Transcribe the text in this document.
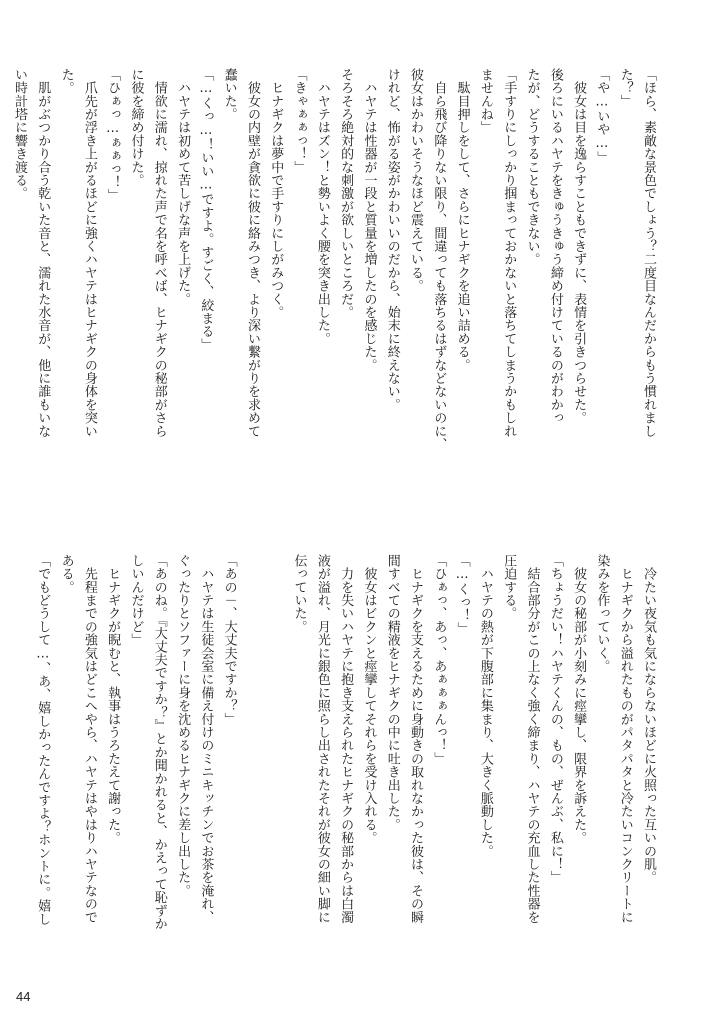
「ほら、素敵な景色でしょう？二度目なんだからもう慣れまし

た？」

「や…いや…」

　彼女は目を逸らすこともできずに、表情を引きつらせた。

後ろにいるハヤテをきゅうきゅう締め付けているのがわかっ

たが、どうすることもできない。

「手すりにしっかり掴まっておかないと落ちてしまうかもしれ

ませんね」

　駄目押しをして、さらにヒナギクを追い詰める。

　自ら飛び降りない限り、間違っても落ちるはずなどないのに、

彼女はかわいそうなほど震えている。

けれど、怖がる姿がかわいいのだから、始末に終えない。

　ハヤテは性器が一段と質量を増したのを感じた。

そろそろ絶対的な刺激が欲しいところだ。

　ハヤテはズン！と勢いよく腰を突き出した。

「きゃぁぁっ！」

　ヒナギクは夢中で手すりにしがみつく。

　彼女の内壁が貪欲に彼に絡みつき、より深い繋がりを求めて

蠢いた。

「…くっ…！いい…ですよ。すごく、絞まる」

　ハヤテは初めて苦しげな声を上げた。

　情欲に濡れ、掠れた声で名を呼べば、ヒナギクの秘部がさら

に彼を締め付けた。

「ひぁっ…ぁぁっ！」

　爪先が浮き上がるほどに強くハヤテはヒナギクの身体を突い

た。

　肌がぶつかり合う乾いた音と、濡れた水音が、他に誰もいな

い時計塔に響き渡る。

　冷たい夜気も気にならないほどに火照った互いの肌。

　ヒナギクから溢れたものがパタパタと冷たいコンクリートに

染みを作っていく。

　彼女の秘部が小刻みに痙攣し、限界を訴えた。

「ちょうだい！ハヤテくんの、もの、ぜんぶ、私に！」

　結合部分がこの上なく強く締まり、ハヤテの充血した性器を

圧迫する。

　ハヤテの熱が下腹部に集まり、大きく脈動した。

「…くっ！」

「ひぁっ、あっ、あぁぁぁんっ！」

　ヒナギクを支えるために身動きの取れなかった彼は、その瞬

間すべての精液をヒナギクの中に吐き出した。

　彼女はビクンと痙攣してそれらを受け入れる。

　力を失いハヤテに抱き支えられたヒナギクの秘部からは白濁

液が溢れ、月光に銀色に照らし出されたそれが彼女の細い脚に

伝っていた。

「あの－、大丈夫ですか？」

　ハヤテは生徒会室に備え付けのミニキッチンでお茶を淹れ、

ぐったりとソファーに身を沈めるヒナギクに差し出した。

「あのね。『大丈夫ですか？』とか聞かれると、かえって恥ずか

しいんだけど」

　ヒナギクが睨むと、執事はうろたえて謝った。

　先程までの強気はどこへやら、ハヤテはやはりハヤテなので

ある。

「でもどうして…、あ、嬉しかったんですよ？ホントに。嬉し

44
